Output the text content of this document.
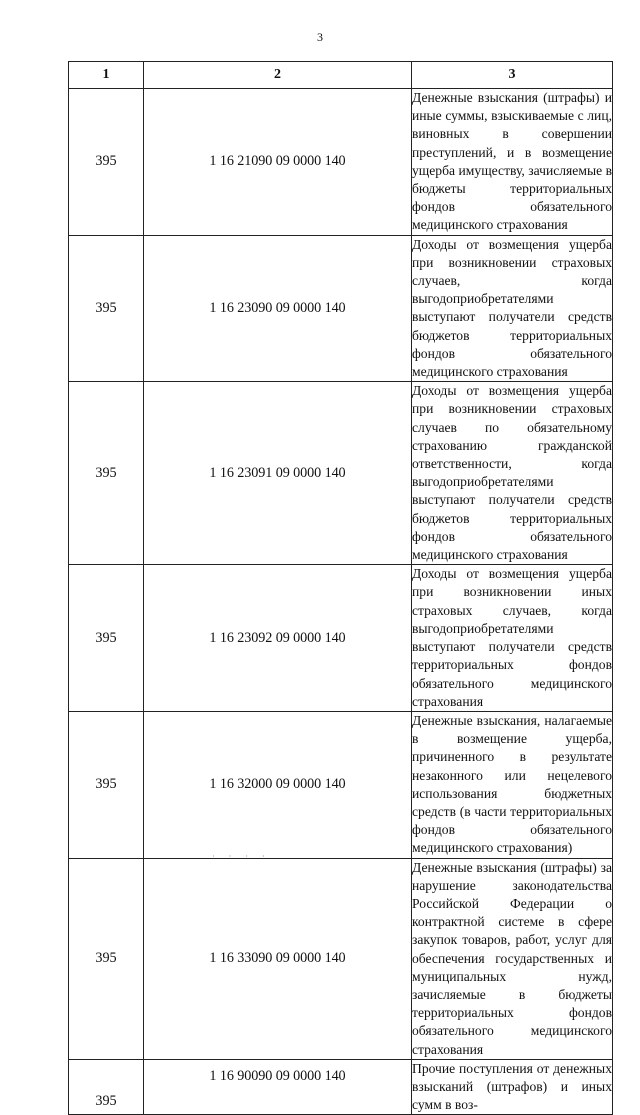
3
1	2	3
395	1 16 21090 09 0000 140	Денежные взыскания (штрафы) и иные суммы, взыскиваемые с лиц, виновных в совершении преступлений, и в возмещение ущерба имуществу, зачисляемые в бюджеты территориальных фондов обязательного медицинского страхования
395	1 16 23090 09 0000 140	Доходы от возмещения ущерба при возникновении страховых случаев, когда выгодоприобретателями выступают получатели средств бюджетов территориальных фондов обязательного медицинского страхования
395	1 16 23091 09 0000 140	Доходы от возмещения ущерба при возникновении страховых случаев по обязательному страхованию гражданской ответственности, когда выгодоприобретателями выступают получатели средств бюджетов территориальных фондов обязательного медицинского страхования
395	1 16 23092 09 0000 140	Доходы от возмещения ущерба при возникновении иных страховых случаев, когда выгодоприобретателями выступают получатели средств территориальных фондов обязательного медицинского страхования
395	1 16 32000 09 0000 140	Денежные взыскания, налагаемые в возмещение ущерба, причиненного в результате незаконного или нецелевого использования бюджетных средств (в части территориальных фондов обязательного медицинского страхования)
395	1 16 33090 09 0000 140	Денежные взыскания (штрафы) за нарушение законодательства Российской Федерации о контрактной системе в сфере закупок товаров, работ, услуг для обеспечения государственных и муниципальных нужд, зачисляемые в бюджеты территориальных фондов обязательного медицинского страхования
395	1 16 90090 09 0000 140	Прочие поступления от денежных взысканий (штрафов) и иных сумм в воз-
· · · ·
